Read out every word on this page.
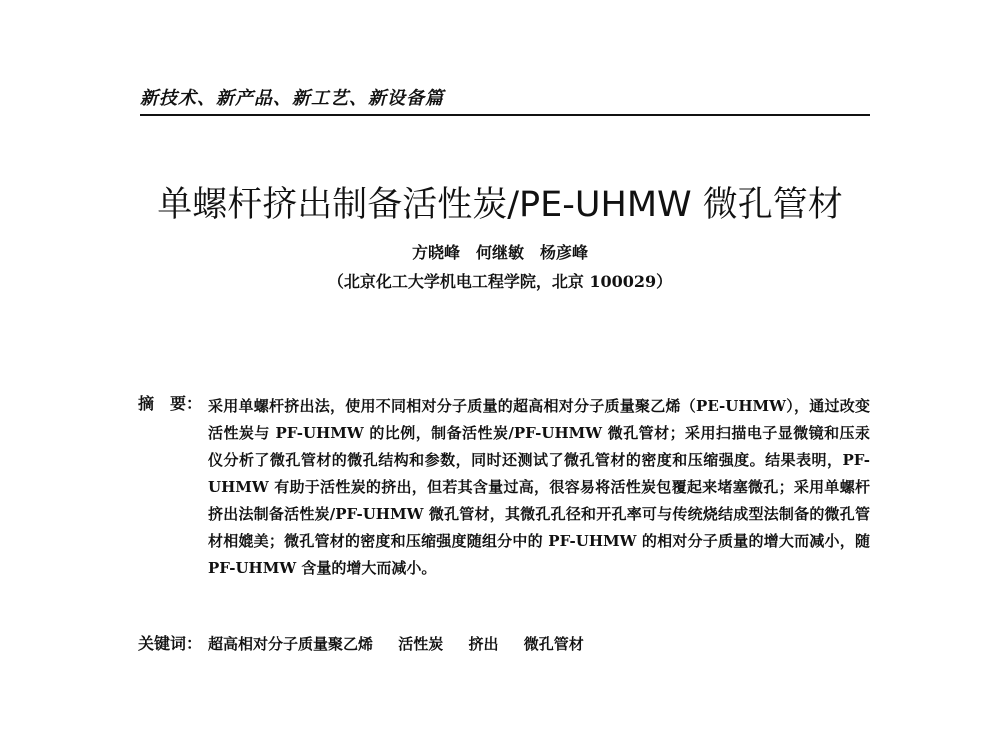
新技术、新产品、新工艺、新设备篇
单螺杆挤出制备活性炭/PE-UHMW 微孔管材
方晓峰　何继敏　杨彦峰
（北京化工大学机电工程学院，北京 100029）
摘　要： 采用单螺杆挤出法，使用不同相对分子质量的超高相对分子质量聚乙烯（PE-UHMW），通过改变活性炭与 PF-UHMW 的比例，制备活性炭/PF-UHMW 微孔管材；采用扫描电子显微镜和压汞仪分析了微孔管材的微孔结构和参数，同时还测试了微孔管材的密度和压缩强度。结果表明，PF-UHMW 有助于活性炭的挤出，但若其含量过高，很容易将活性炭包覆起来堵塞微孔；采用单螺杆挤出法制备活性炭/PF-UHMW 微孔管材，其微孔孔径和开孔率可与传统烧结成型法制备的微孔管材相媲美；微孔管材的密度和压缩强度随组分中的 PF-UHMW 的相对分子质量的增大而减小，随 PF-UHMW 含量的增大而减小。

关键词： 超高相对分子质量聚乙烯 活性炭 挤出 微孔管材
